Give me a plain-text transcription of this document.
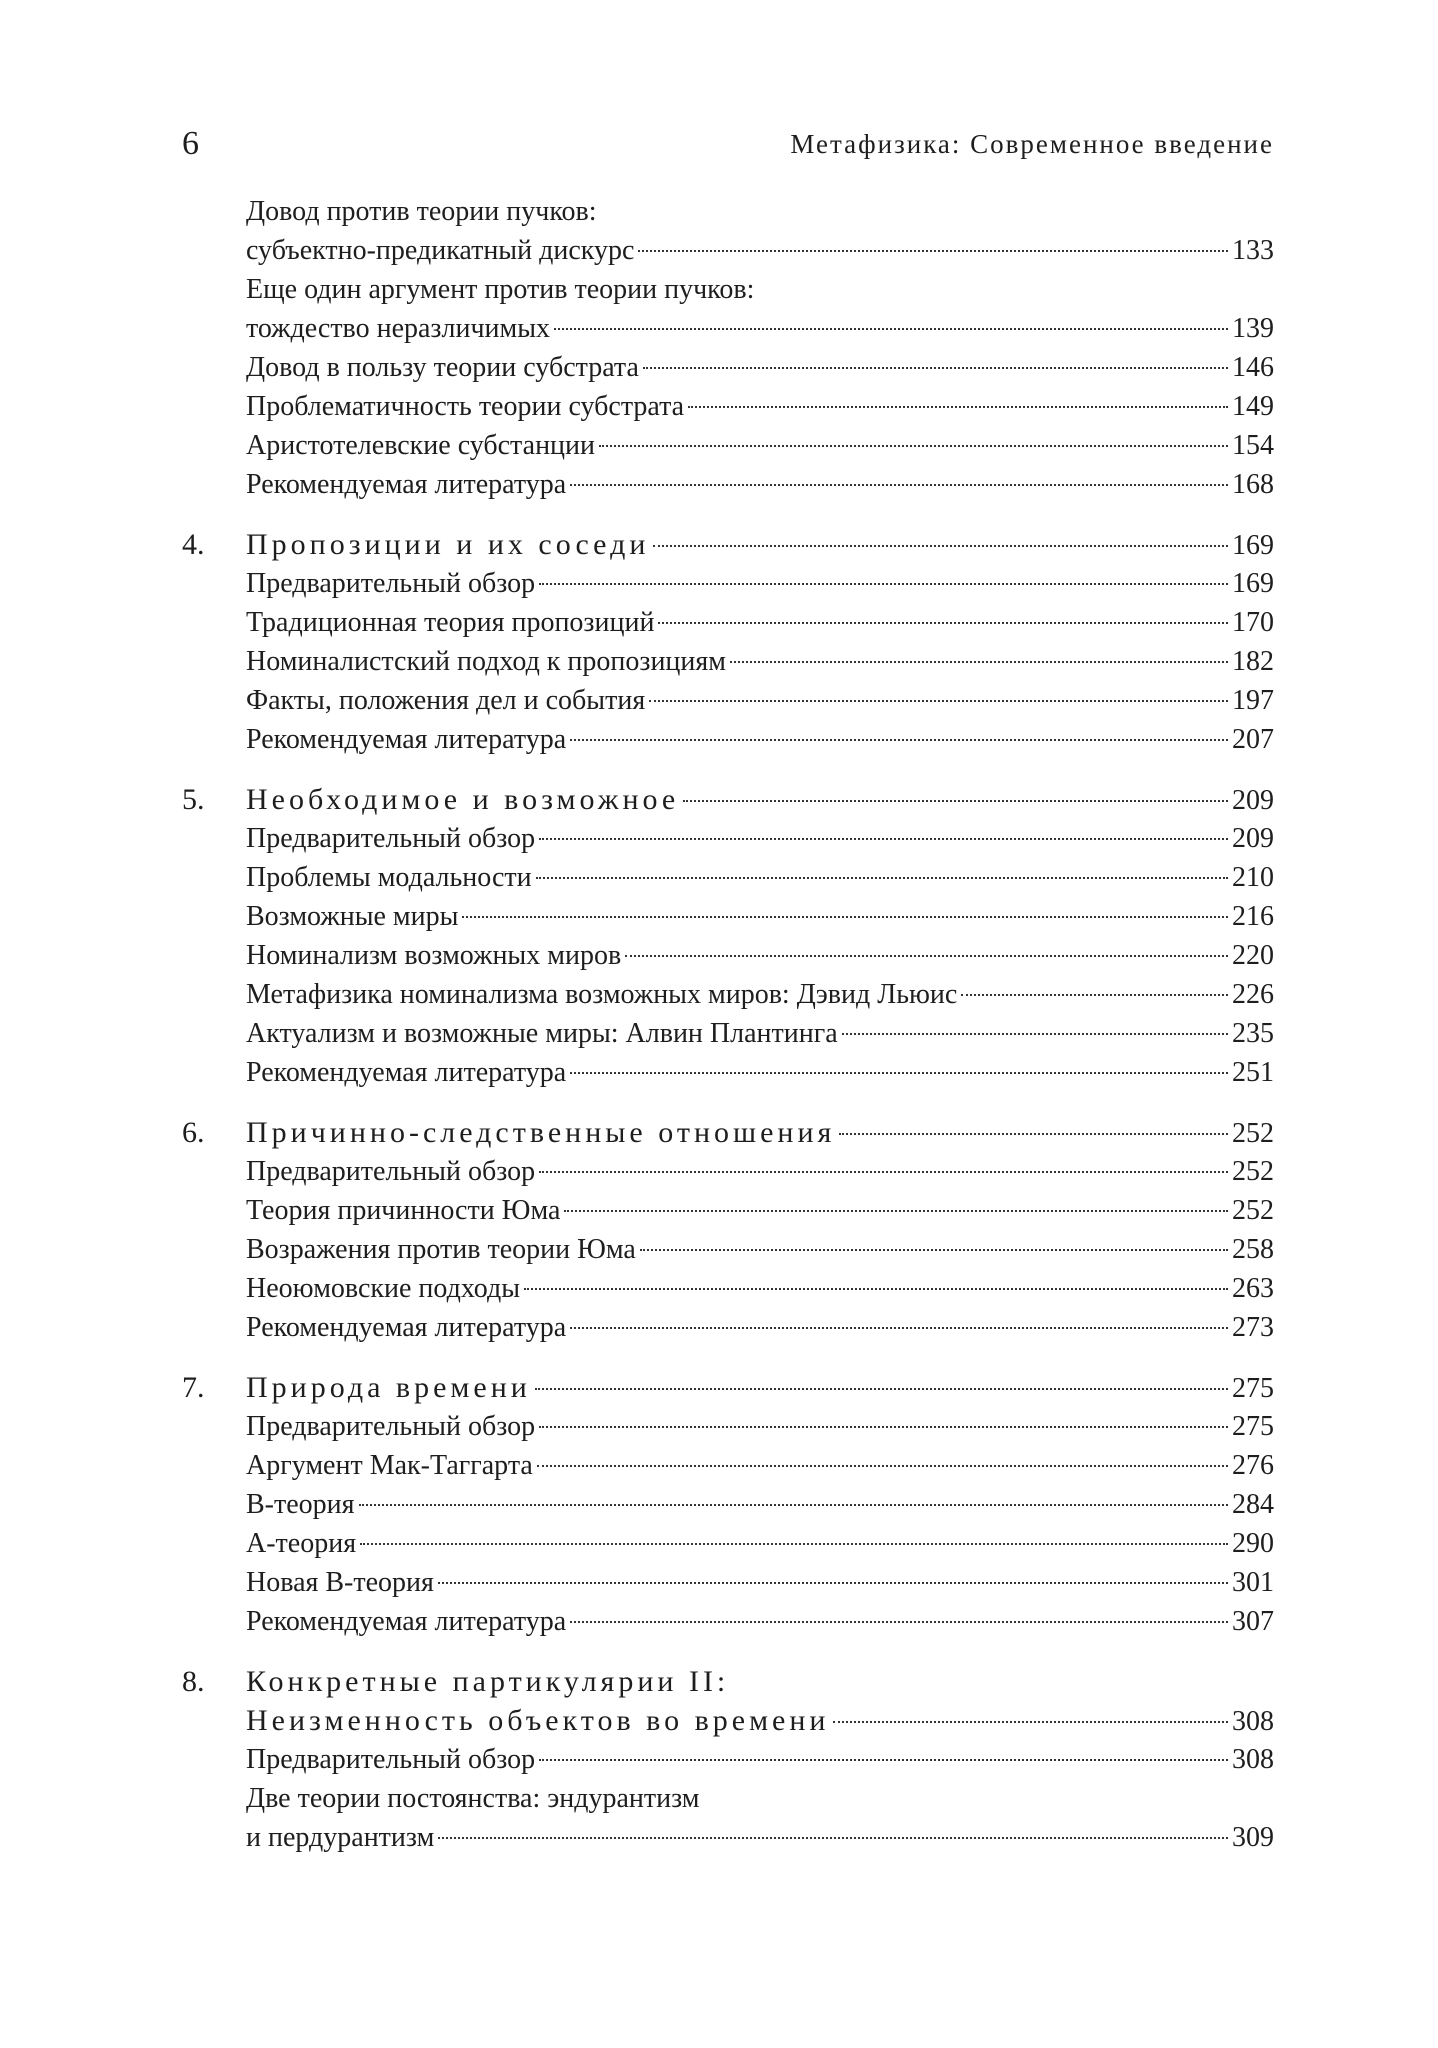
6	Метафизика: Современное введение
Довод против теории пучков:
субъектно-предикатный дискурс	133
Еще один аргумент против теории пучков:
тождество неразличимых	139
Довод в пользу теории субстрата	146
Проблематичность теории субстрата	149
Аристотелевские субстанции	154
Рекомендуемая литература	168
4.	Пропозиции и их соседи	169
Предварительный обзор	169
Традиционная теория пропозиций	170
Номиналистский подход к пропозициям	182
Факты, положения дел и события	197
Рекомендуемая литература	207
5.	Необходимое и возможное	209
Предварительный обзор	209
Проблемы модальности	210
Возможные миры	216
Номинализм возможных миров	220
Метафизика номинализма возможных миров: Дэвид Льюис	226
Актуализм и возможные миры: Алвин Плантинга	235
Рекомендуемая литература	251
6.	Причинно-следственные отношения	252
Предварительный обзор	252
Теория причинности Юма	252
Возражения против теории Юма	258
Неоюмовские подходы	263
Рекомендуемая литература	273
7.	Природа времени	275
Предварительный обзор	275
Аргумент Мак-Таггарта	276
B-теория	284
A-теория	290
Новая B-теория	301
Рекомендуемая литература	307
8.	Конкретные партикулярии II:
Неизменность объектов во времени	308
Предварительный обзор	308
Две теории постоянства: эндурантизм
и пердурантизм	309
